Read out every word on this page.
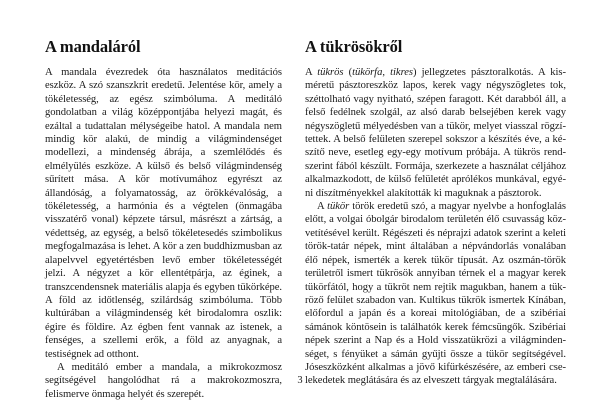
A mandaláról

A mandala évezredek óta használatos meditációs eszköz. A szó szanszkrit eredetű. Jelentése kör, amely a tökéletesség, az egész szimbóluma. A meditáló gondolatban a világ középpontjába helyezi magát, és ezáltal a tudattalan mélységeibe hatol. A mandala nem mindig kör alakú, de mindig a világmindenséget modellezi, a mindenség ábrája, a szemlélődés és elmélyülés eszköze. A külső és belső világmindenség sűrített mása. A kör motívumához egyrészt az állandóság, a folyamatosság, az örökkévalóság, a tökéletesség, a harmónia és a végtelen (önmagába visszatérő vonal) képzete társul, másrészt a zártság, a védettség, az egység, a belső tökéletesedés szimbolikus megfogalmazása is lehet. A kör a zen buddhizmusban az alapelvvel egyetértésben levő ember tökéletességét jelzi. A négyzet a kör ellentétpárja, az éginek, a transzcendensnek materiális alapja és egyben tükörképe. A föld az időtlenség, szilárdság szimbóluma. Több kultúrában a világmindenség két birodalomra oszlik: égire és földire. Az égben fent vannak az istenek, a fenséges, a szellemi erők, a föld az anyagnak, a testiségnek ad otthont.

A meditáló ember a mandala, a mikrokozmosz segítségével hangolódhat rá a makrokozmoszra, felismerve önmaga helyét és szerepét.

A tükrösökről

A tükrös (tükörfa, tikres) jellegzetes pásztoralkotás. A kisméretű pásztoreszköz lapos, kerek vagy négyszögletes tok, széttolható vagy nyitható, szépen faragott. Két darabból áll, a felső fedélnek szolgál, az alsó darab belsejében kerek vagy négyszögletű mélyedésben van a tükör, melyet viasszal rögzítettek. A belső felületen szerepel sokszor a készítés éve, a készítő neve, esetleg egy-egy motívum próbája. A tükrös rendszerint fából készült. Formája, szerkezete a használat céljához alkalmazkodott, de külső felületét aprólékos munkával, egyéni díszítményekkel alakították ki maguknak a pásztorok.

A tükör török eredetű szó, a magyar nyelvbe a honfoglalás előtt, a volgai óbolgár birodalom területén élő csuvasság közvetítésével került. Régészeti és néprajzi adatok szerint a keleti török-tatár népek, mint általában a népvándorlás vonalában élő népek, ismerték a kerek tükör típusát. Az oszmán-török területről ismert tükrösök annyiban térnek el a magyar kerek tükörfától, hogy a tükröt nem rejtik magukban, hanem a tükröző felület szabadon van. Kultikus tükrök ismertek Kínában, előfordul a japán és a koreai mitológiában, de a szibériai sámánok köntösein is találhatók kerek fémcsüngők. Szibériai népek szerint a Nap és a Hold visszatükrözi a világmindenséget, s fényüket a sámán gyűjti össze a tükör segítségével. Jóseszközként alkalmas a jövő kifürkészésére, az emberi cselekedetek meglátására és az elveszett tárgyak megtalálására.

3
